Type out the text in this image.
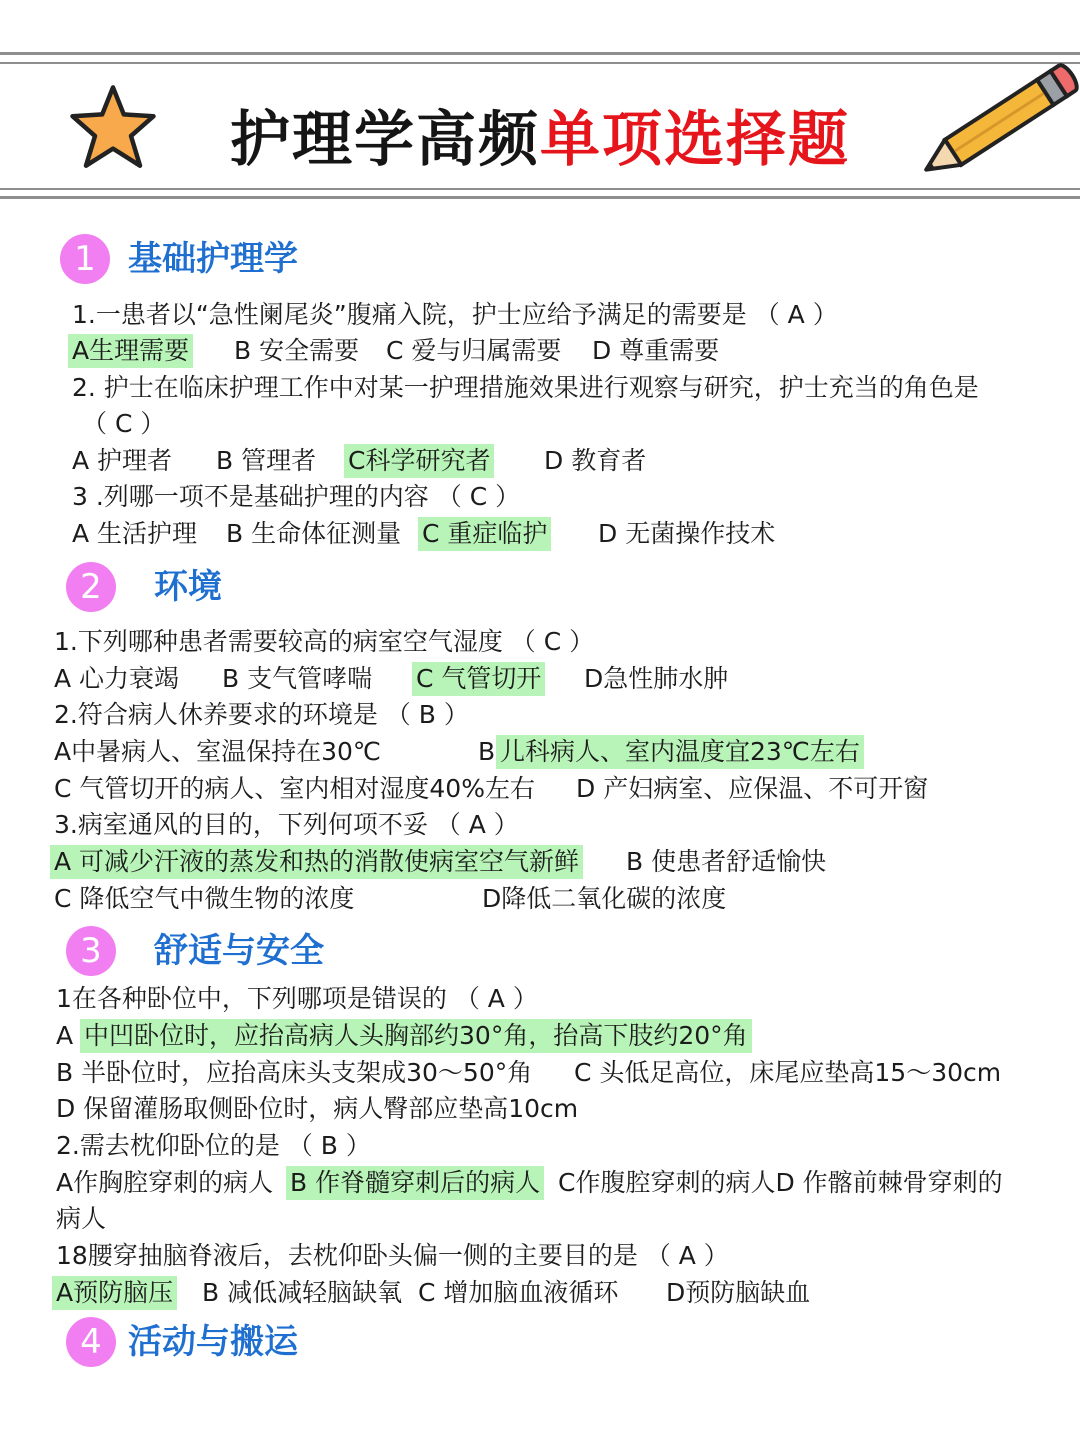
护理学高频单项选择题
1 基础护理学
1.一患者以“急性阑尾炎”腹痛入院，护士应给予满足的需要是 （ A ）
A生理需要 B 安全需要 C 爱与归属需要 D 尊重需要
2. 护士在临床护理工作中对某一护理措施效果进行观察与研究，护士充当的角色是
（ C ）
A 护理者 B 管理者 C科学研究者 D 教育者
3 .列哪一项不是基础护理的内容 （ C ）
A 生活护理 B 生命体征测量 C 重症临护 D 无菌操作技术
2	环境
1.下列哪种患者需要较高的病室空气湿度 （ C ）
A 心力衰竭 B 支气管哮喘 C 气管切开 D急性肺水肿
2.符合病人休养要求的环境是 （ B ）
A中暑病人、室温保持在30℃	B 儿科病人、室内温度宜23℃左右
C 气管切开的病人、室内相对湿度40%左右 D 产妇病室、应保温、不可开窗
3.病室通风的目的，下列何项不妥 （ A ）
A 可减少汗液的蒸发和热的消散使病室空气新鲜 B 使患者舒适愉快
C 降低空气中微生物的浓度	D降低二氧化碳的浓度
3	舒适与安全
1在各种卧位中，下列哪项是错误的 （ A ）
A 中凹卧位时，应抬高病人头胸部约30°角，抬高下肢约20°角
B 半卧位时，应抬高床头支架成30～50°角 C 头低足高位，床尾应垫高15～30cm
D 保留灌肠取侧卧位时，病人臀部应垫高10cm
2.需去枕仰卧位的是 （ B ）
A作胸腔穿刺的病人 B 作脊髓穿刺后的病人 C作腹腔穿刺的病人D 作髂前棘骨穿刺的
病人
18腰穿抽脑脊液后，去枕仰卧头偏一侧的主要目的是 （ A ）
A预防脑压 B 减低减轻脑缺氧 C 增加脑血液循环 D预防脑缺血
4 活动与搬运
